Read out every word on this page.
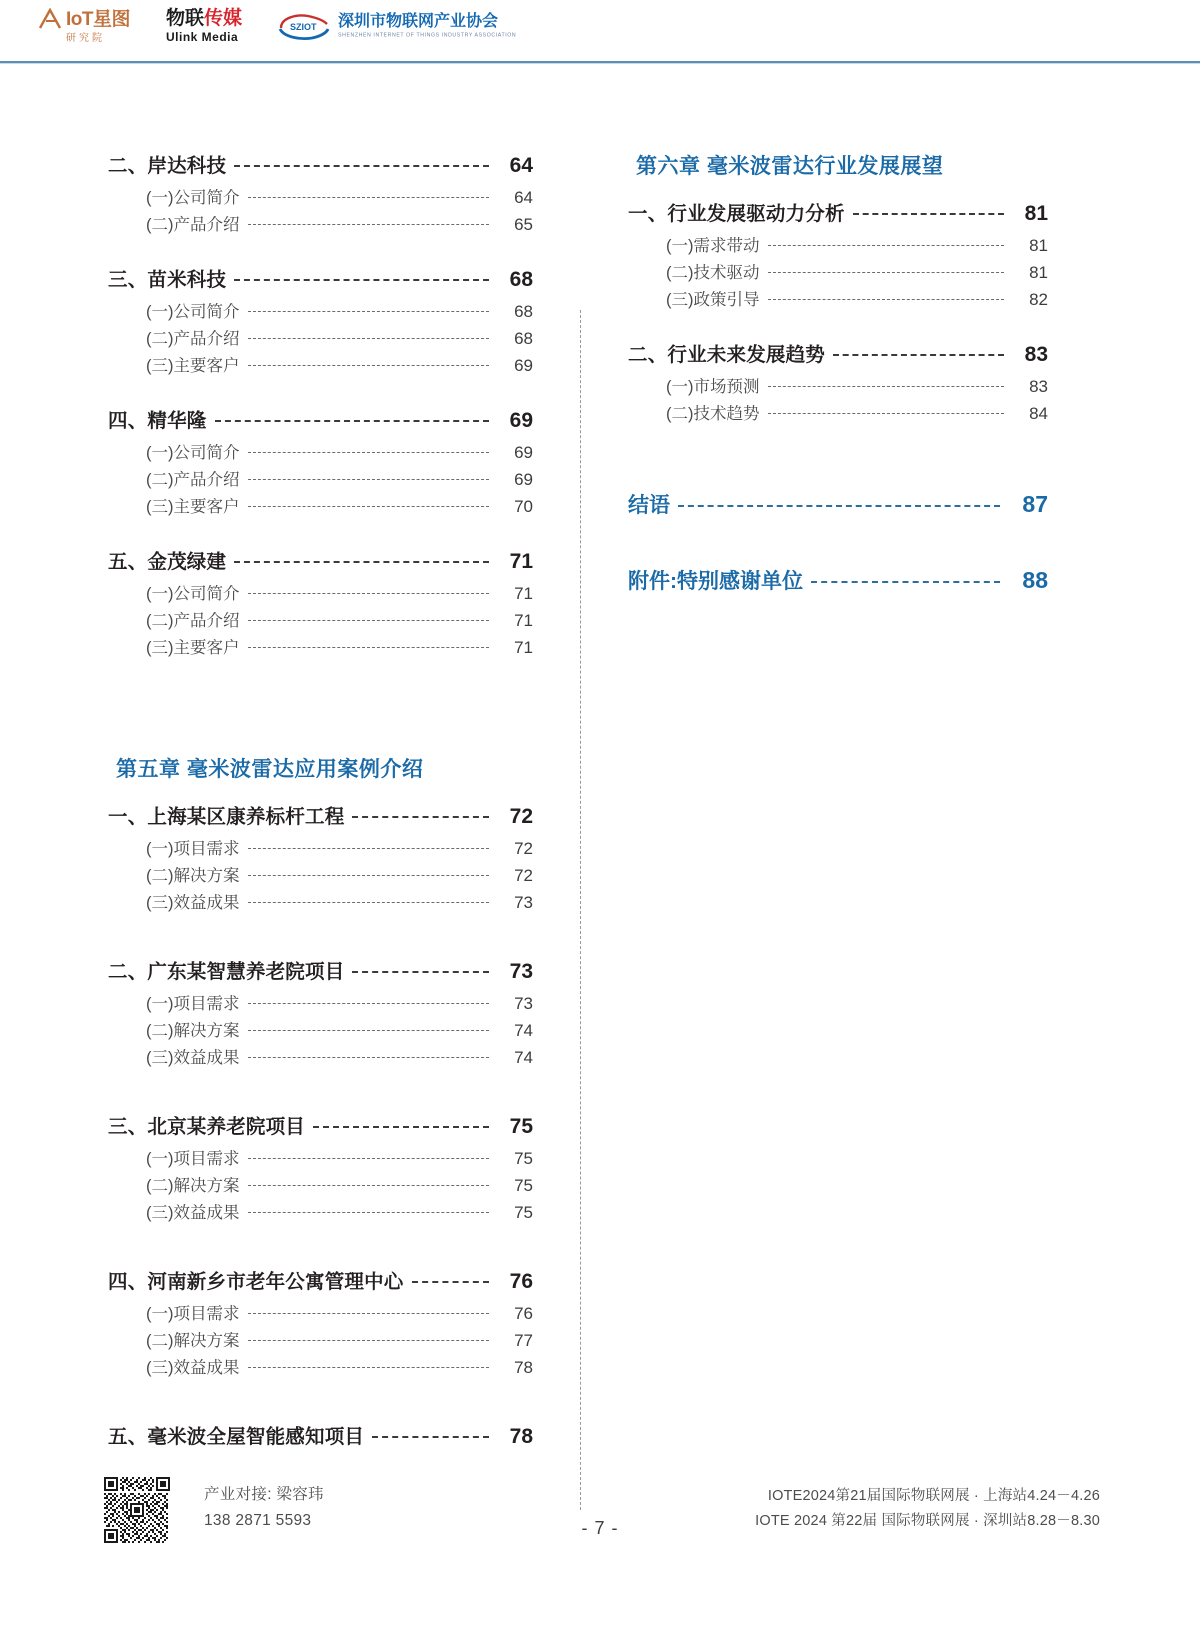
IoT星图
研究院
物联传媒
Ulink Media
SZIOT 深圳市物联网产业协会
SHENZHEN INTERNET OF THINGS INDUSTRY ASSOCIATION
二、岸达科技	64
(一)公司简介	64
(二)产品介绍	65
三、苗米科技	68
(一)公司简介	68
(二)产品介绍	68
(三)主要客户	69
四、精华隆	69
(一)公司简介	69
(二)产品介绍	69
(三)主要客户	70
五、金茂绿建	71
(一)公司简介	71
(二)产品介绍	71
(三)主要客户	71
第五章 毫米波雷达应用案例介绍
一、上海某区康养标杆工程	72
(一)项目需求	72
(二)解决方案	72
(三)效益成果	73
二、广东某智慧养老院项目	73
(一)项目需求	73
(二)解决方案	74
(三)效益成果	74
三、北京某养老院项目	75
(一)项目需求	75
(二)解决方案	75
(三)效益成果	75
四、河南新乡市老年公寓管理中心	76
(一)项目需求	76
(二)解决方案	77
(三)效益成果	78
五、毫米波全屋智能感知项目	78
第六章 毫米波雷达行业发展展望
一、行业发展驱动力分析	81
(一)需求带动	81
(二)技术驱动	81
(三)政策引导	82
二、行业未来发展趋势	83
(一)市场预测	83
(二)技术趋势	84
结语	87
附件:特别感谢单位	88
产业对接: 梁容玮
138 2871 5593	- 7 -
IOTE2024第21届国际物联网展 · 上海站4.24－4.26
IOTE 2024 第22届 国际物联网展 · 深圳站8.28－8.30
